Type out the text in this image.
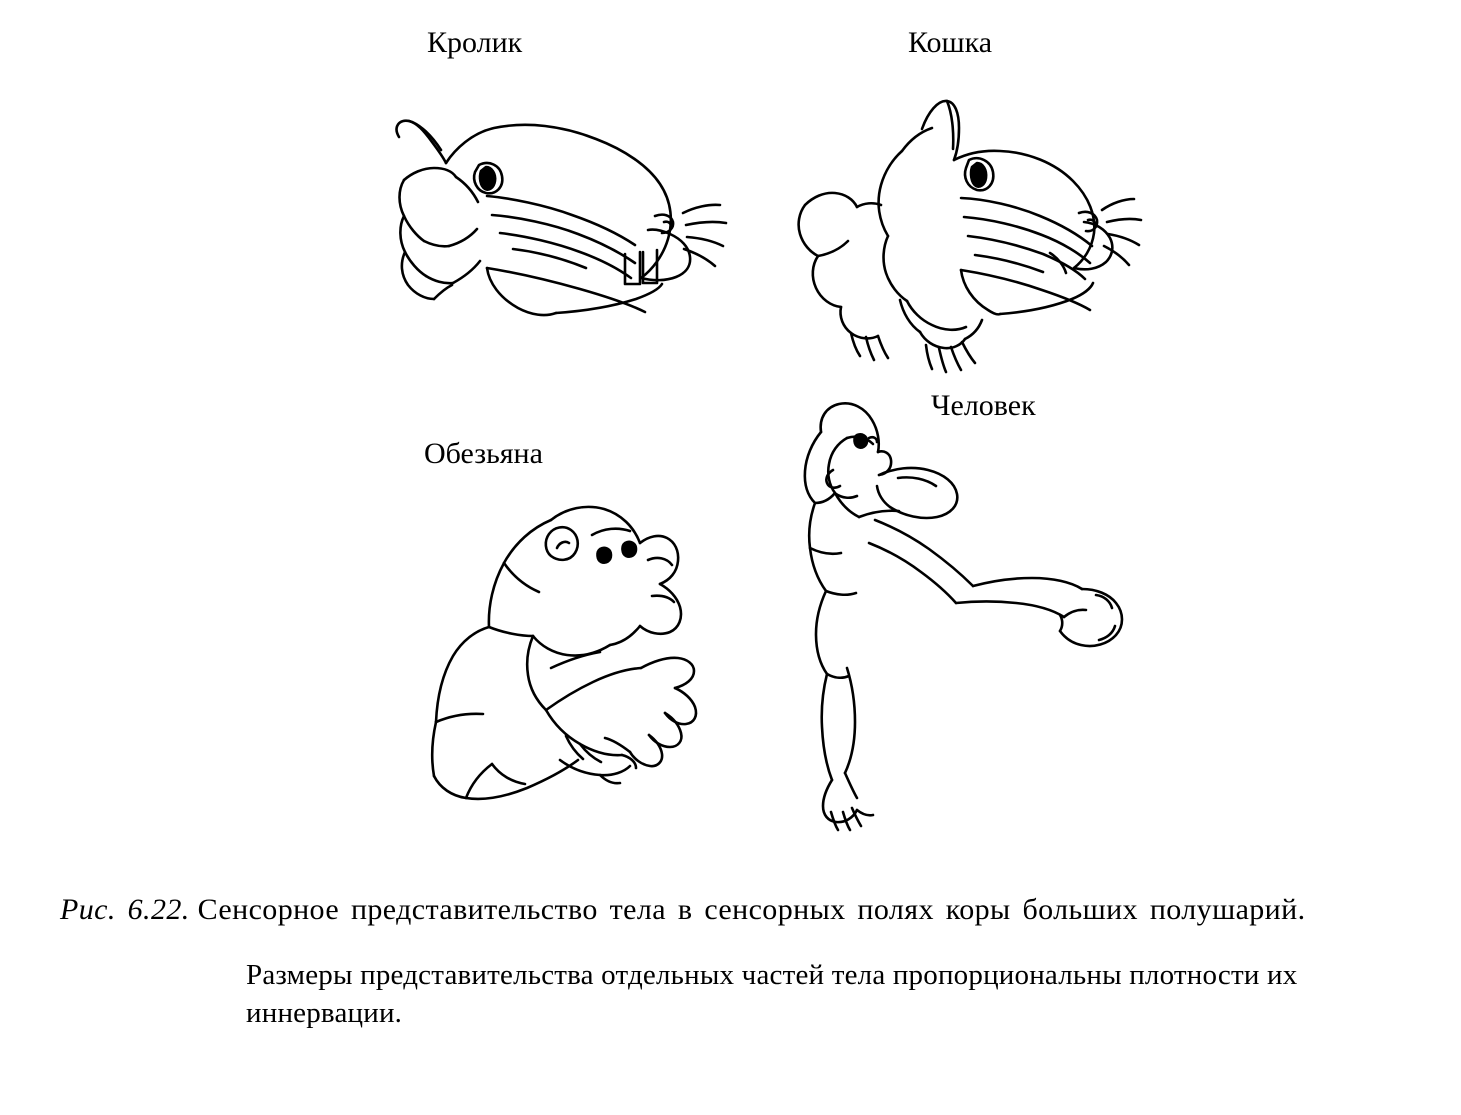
Кролик	Кошка
Обезьяна
Человек
Рис. 6.22. Сенсорное представительство тела в сенсорных полях коры больших полушарий.
Размеры представительства отдельных частей тела пропорциональны плотности их иннервации.
